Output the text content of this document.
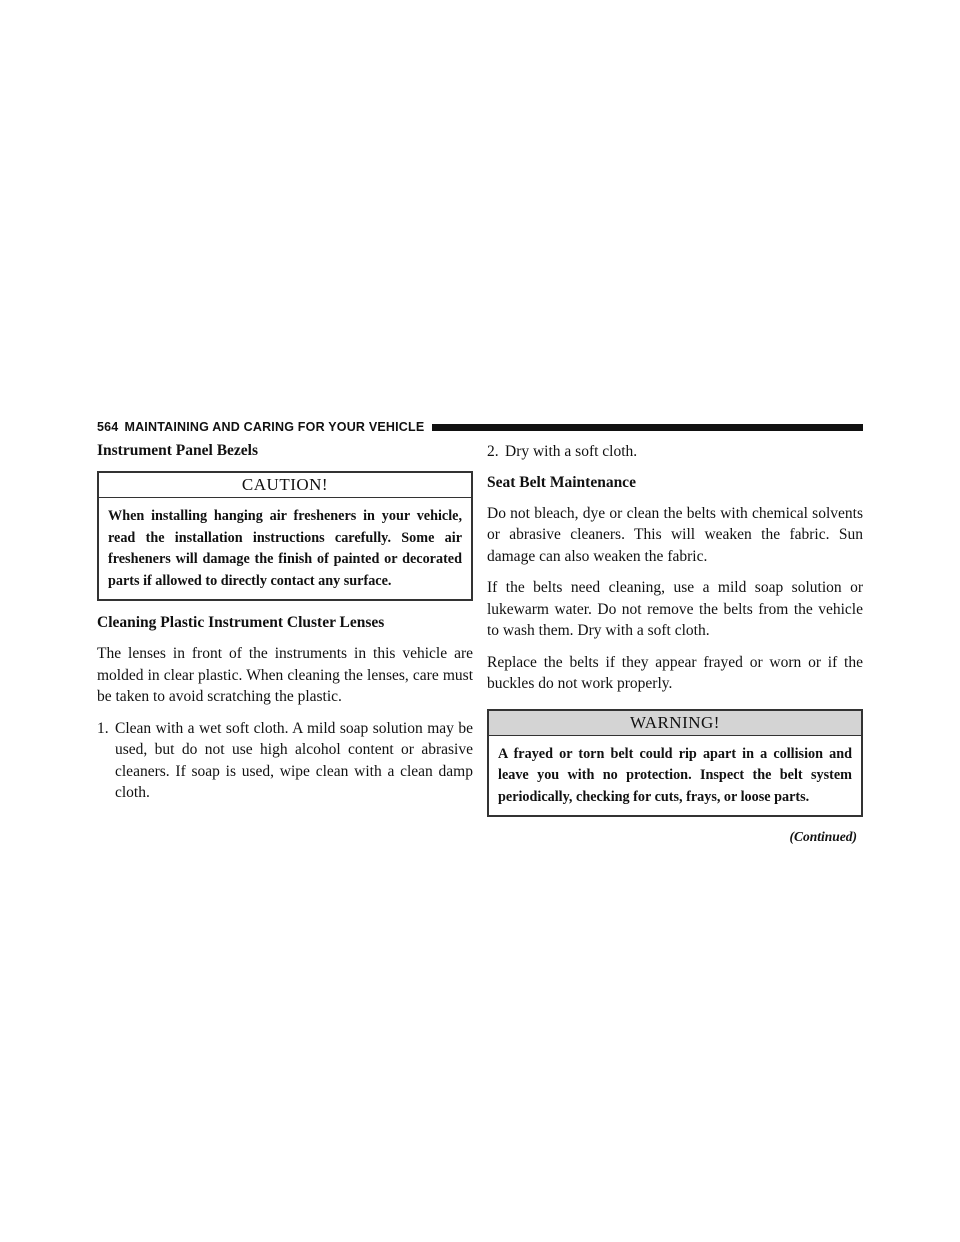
564 MAINTAINING AND CARING FOR YOUR VEHICLE
Instrument Panel Bezels
CAUTION!
When installing hanging air fresheners in your vehicle, read the installation instructions carefully. Some air fresheners will damage the finish of painted or decorated parts if allowed to directly contact any surface.
Cleaning Plastic Instrument Cluster Lenses

The lenses in front of the instruments in this vehicle are molded in clear plastic. When cleaning the lenses, care must be taken to avoid scratching the plastic.

1. Clean with a wet soft cloth. A mild soap solution may be used, but do not use high alcohol content or abrasive cleaners. If soap is used, wipe clean with a clean damp cloth.
2. Dry with a soft cloth.
Seat Belt Maintenance

Do not bleach, dye or clean the belts with chemical solvents or abrasive cleaners. This will weaken the fabric. Sun damage can also weaken the fabric.

If the belts need cleaning, use a mild soap solution or lukewarm water. Do not remove the belts from the vehicle to wash them. Dry with a soft cloth.

Replace the belts if they appear frayed or worn or if the buckles do not work properly.

WARNING!
A frayed or torn belt could rip apart in a collision and leave you with no protection. Inspect the belt system periodically, checking for cuts, frays, or loose parts.
(Continued)
